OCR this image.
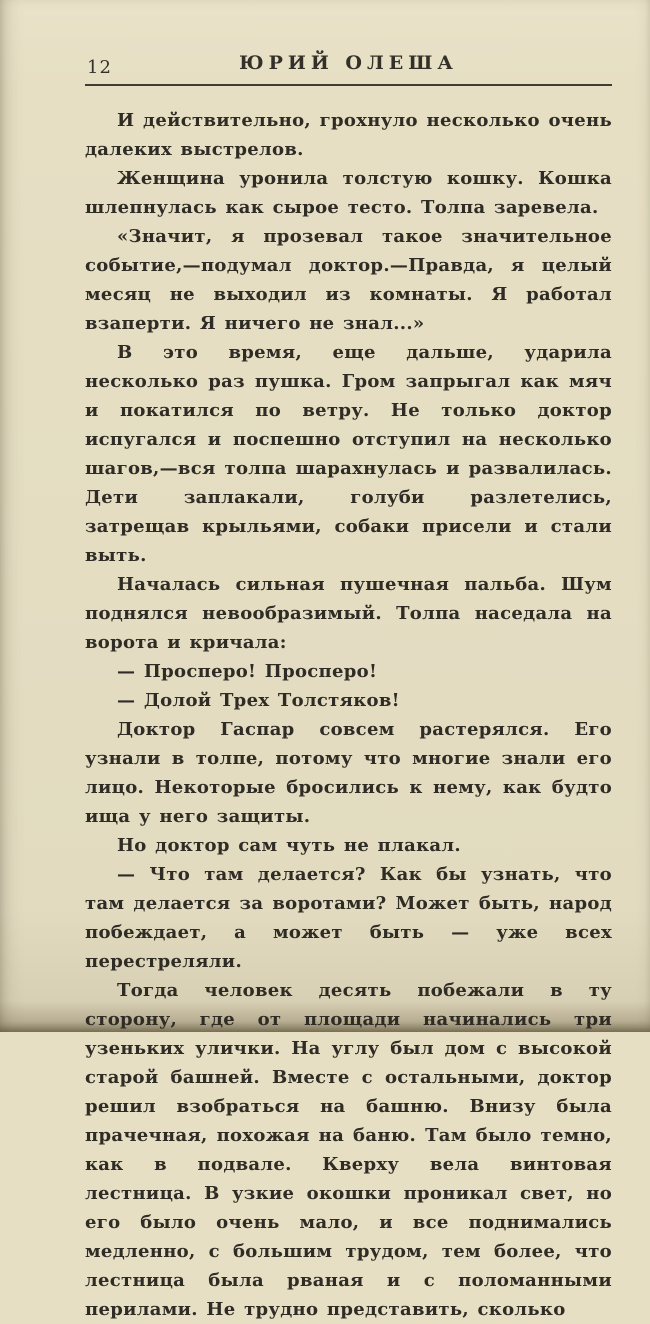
12	ЮРИЙ ОЛЕША

И действительно, грохнуло несколько очень далеких выстрелов.

Женщина уронила толстую кошку. Кошка шлепнулась как сырое тесто. Толпа заревела.

«Значит, я прозевал такое значительное событие,—подумал доктор.—Правда, я целый месяц не выходил из комнаты. Я работал взаперти. Я ничего не знал...»

В это время, еще дальше, ударила несколько раз пушка. Гром запрыгал как мяч и покатился по ветру. Не только доктор испугался и поспешно отступил на несколько шагов,—вся толпа шарахнулась и развалилась. Дети заплакали, голуби разлетелись, затрещав крыльями, собаки присели и стали выть.

Началась сильная пушечная пальба. Шум поднялся невообразимый. Толпа наседала на ворота и кричала:

— Просперо! Просперо!

— Долой Трех Толстяков!

Доктор Гаспар совсем растерялся. Его узнали в толпе, потому что многие знали его лицо. Некоторые бросились к нему, как будто ища у него защиты.

Но доктор сам чуть не плакал.

— Что там делается? Как бы узнать, что там делается за воротами? Может быть, народ побеждает, а может быть — уже всех перестреляли.

Тогда человек десять побежали в ту сторону, где от площади начинались три узеньких улички. На углу был дом с высокой старой башней. Вместе с остальными, доктор решил взобраться на башню. Внизу была прачечная, похожая на баню. Там было темно, как в подвале. Кверху вела винтовая лестница. В узкие окошки проникал свет, но его было очень мало, и все поднимались медленно, с большим трудом, тем более, что лестница была рваная и с поломанными перилами. Не трудно представить, сколько
